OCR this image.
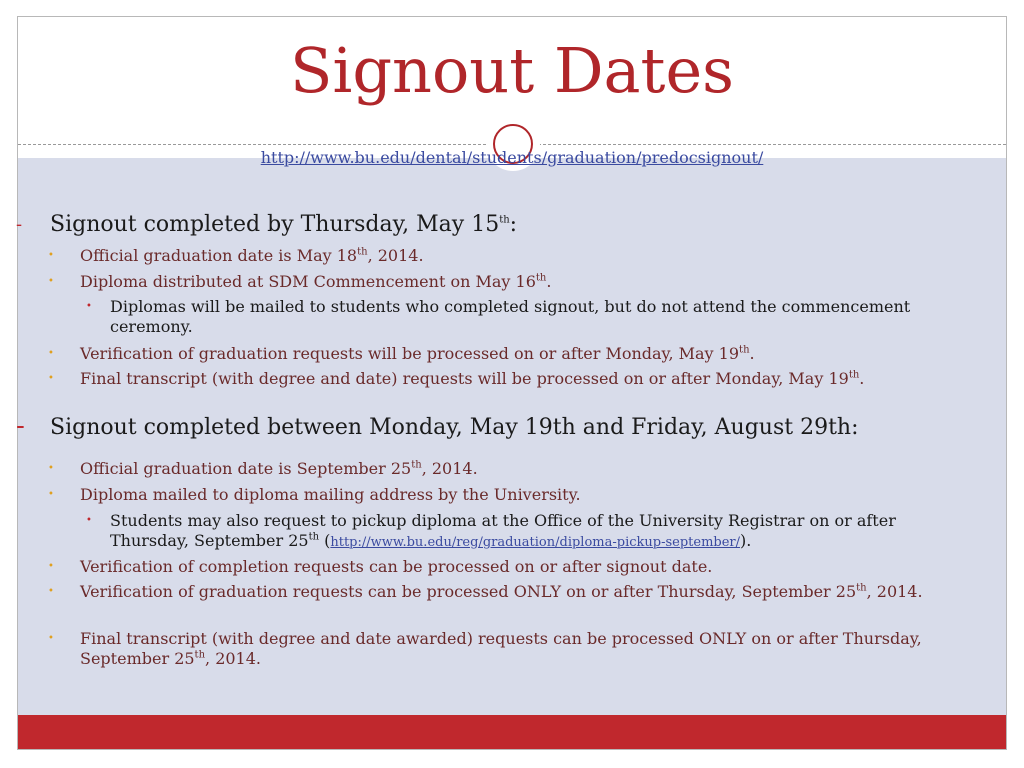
Signout Dates
http://www.bu.edu/dental/students/graduation/predocsignout/
- Signout completed by Thursday, May 15th:
• Official graduation date is May 18th, 2014.
• Diploma distributed at SDM Commencement on May 16th.
• Diplomas will be mailed to students who completed signout, but do not attend the commencement ceremony.
• Verification of graduation requests will be processed on or after Monday, May 19th.
• Final transcript (with degree and date) requests will be processed on or after Monday, May 19th.
- Signout completed between Monday, May 19th and Friday, August 29th:
• Official graduation date is September 25th, 2014.
• Diploma mailed to diploma mailing address by the University.
• Students may also request to pickup diploma at the Office of the University Registrar on or after Thursday, September 25th (http://www.bu.edu/reg/graduation/diploma-pickup-september/).
• Verification of completion requests can be processed on or after signout date.
• Verification of graduation requests can be processed ONLY on or after Thursday, September 25th, 2014.
• Final transcript (with degree and date awarded) requests can be processed ONLY on or after Thursday, September 25th, 2014.
